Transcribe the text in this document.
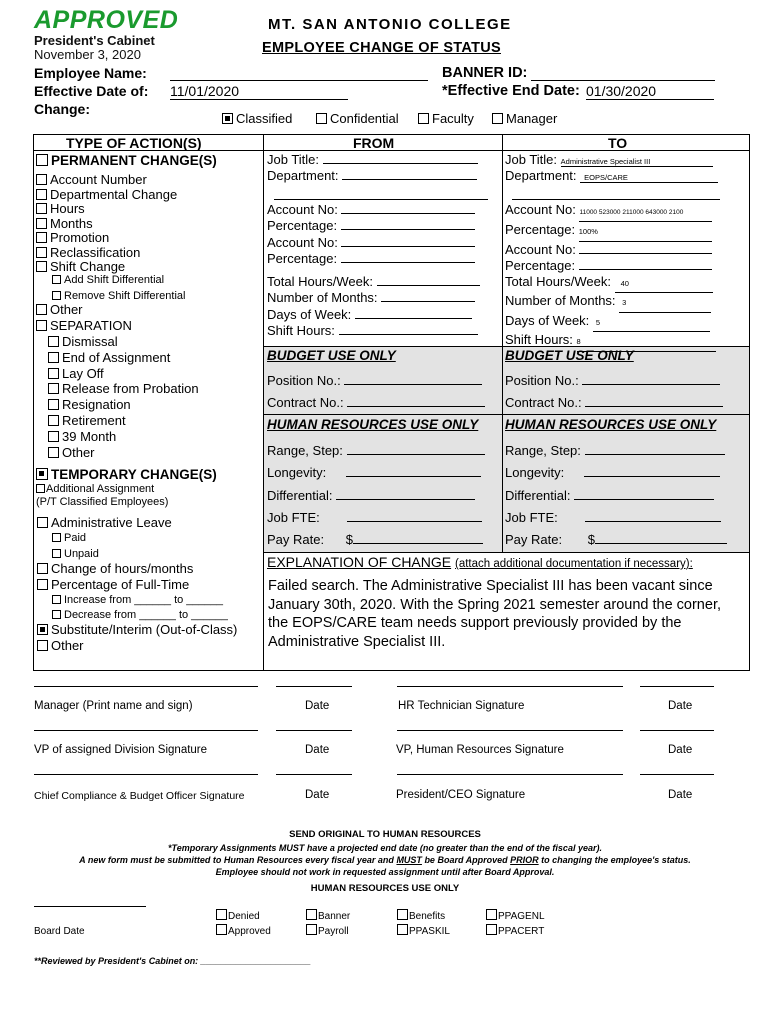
APPROVED
President's Cabinet
November 3, 2020
MT. SAN ANTONIO COLLEGE
EMPLOYEE CHANGE OF STATUS
Employee Name:	BANNER ID:
Effective Date of: 11/01/2020	*Effective End Date: 01/30/2020
Change:
Classified	Confidential	Faculty	Manager
TYPE OF ACTION(S)	FROM	TO
PERMANENT CHANGE(S)
Account Number
Departmental Change
Hours
Months
Promotion
Reclassification
Shift Change
Add Shift Differential
Remove Shift Differential
Other
SEPARATION
Dismissal
End of Assignment
Lay Off
Release from Probation
Resignation
Retirement
39 Month
Other
TEMPORARY CHANGE(S)
Additional Assignment
(P/T Classified Employees)
Administrative Leave
Paid
Unpaid
Change of hours/months
Percentage of Full-Time
Increase from ______ to ______
Decrease from ______ to ______
Substitute/Interim (Out-of-Class)
Other
Job Title:
Department:
Account No:
Percentage:
Account No:
Percentage:
Total Hours/Week:
Number of Months:
Days of Week:
Shift Hours:
BUDGET USE ONLY
Position No.:
Contract No.:
HUMAN RESOURCES USE ONLY
Range, Step:
Longevity:
Differential:
Job FTE:
Pay Rate: $
Job Title: Administrative Specialist III
Department: EOPS/CARE
Account No: 11000 523000 211000 643000 2100
Percentage: 100%
Account No:
Percentage:
Total Hours/Week: 40
Number of Months: 3
Days of Week: 5
Shift Hours: 8
BUDGET USE ONLY
Position No.:
Contract No.:
HUMAN RESOURCES USE ONLY
Range, Step:
Longevity:
Differential:
Job FTE:
Pay Rate: $
EXPLANATION OF CHANGE (attach additional documentation if necessary):
Failed search. The Administrative Specialist III has been vacant since
January 30th, 2020. With the Spring 2021 semester around the corner,
the EOPS/CARE team needs support previously provided by the
Administrative Specialist III.
Manager (Print name and sign)	Date	HR Technician Signature	Date
VP of assigned Division Signature	Date	VP, Human Resources Signature	Date
Chief Compliance & Budget Officer Signature	Date	President/CEO Signature	Date
SEND ORIGINAL TO HUMAN RESOURCES
*Temporary Assignments MUST have a projected end date (no greater than the end of the fiscal year).
A new form must be submitted to Human Resources every fiscal year and MUST be Board Approved PRIOR to changing the employee's status.
Employee should not work in requested assignment until after Board Approval.
HUMAN RESOURCES USE ONLY
Board Date
Denied
Approved
Banner
Payroll
Benefits
PPASKIL
PPAGENL
PPACERT
**Reviewed by President's Cabinet on: ______________________
